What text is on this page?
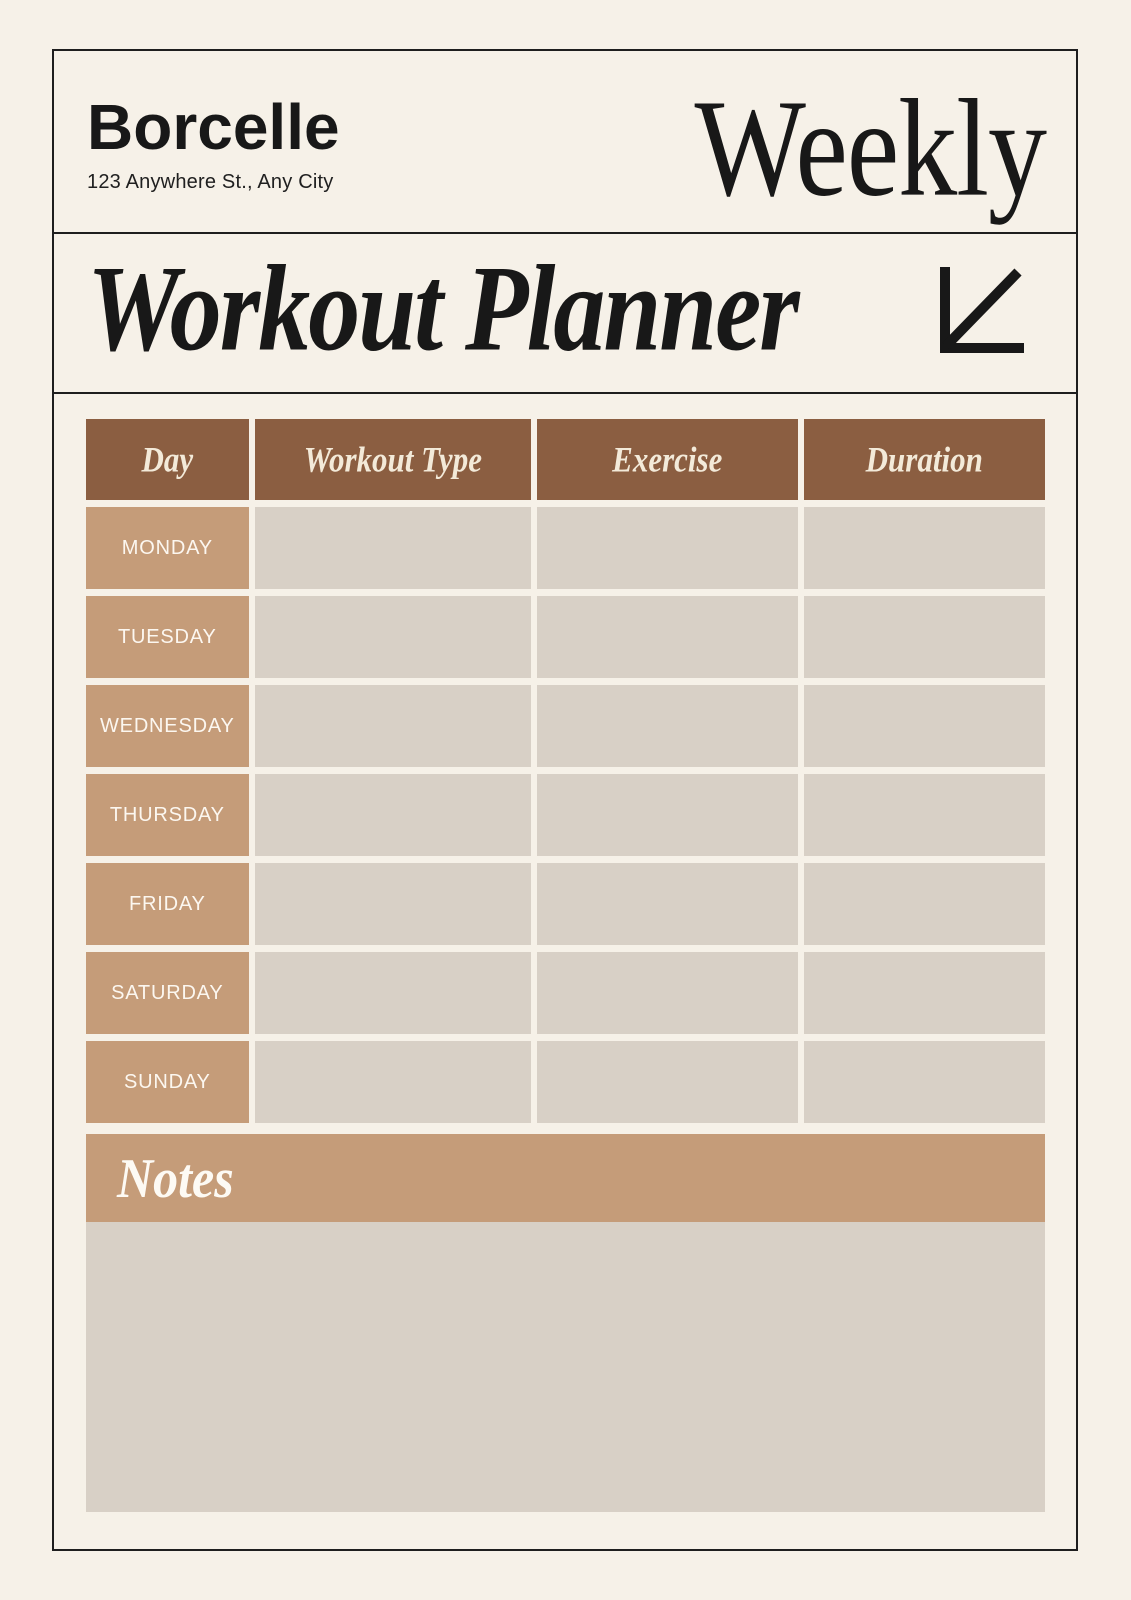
Borcelle
123 Anywhere St., Any City	Weekly
Workout Planner
Day	Workout Type	Exercise	Duration
MONDAY
TUESDAY
WEDNESDAY
THURSDAY
FRIDAY
SATURDAY
SUNDAY
Notes
